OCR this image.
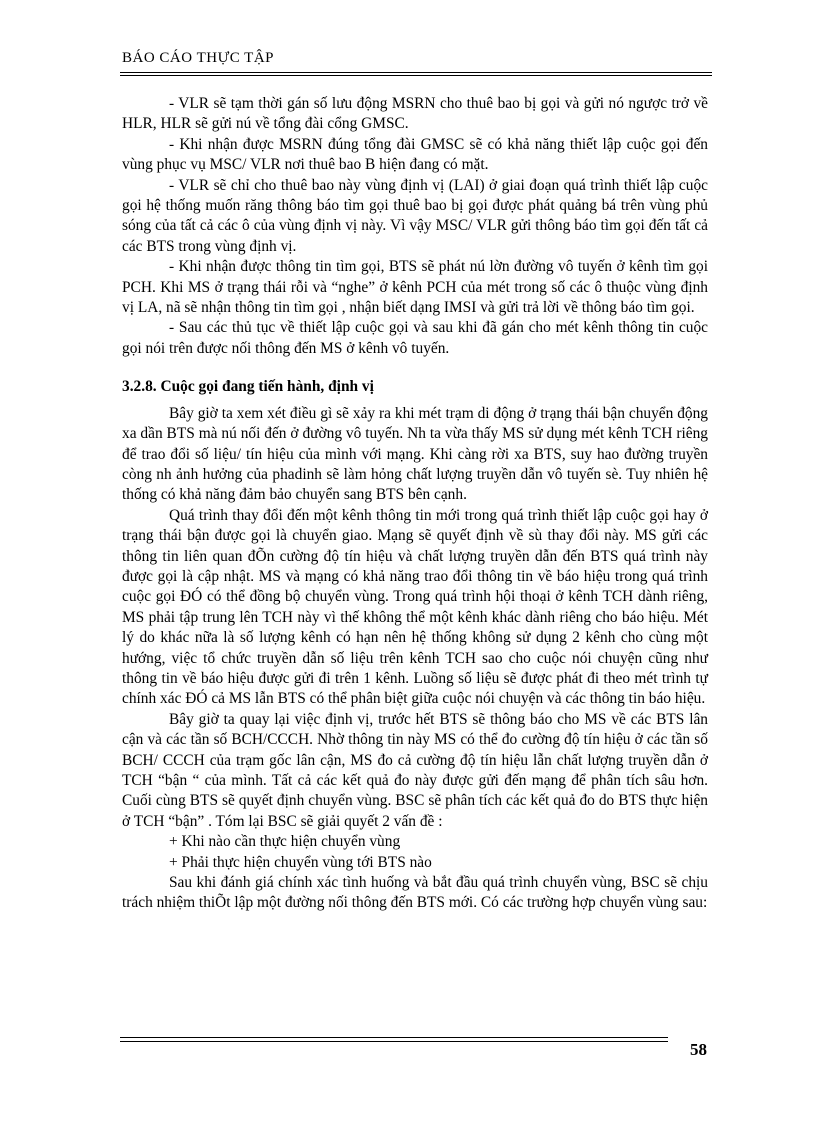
BÁO CÁO THỰC TẬP

- VLR sẽ tạm thời gán số lưu động MSRN cho thuê bao bị gọi và gửi nó ngược trở về HLR, HLR sẽ gửi nú về tổng đài cổng GMSC.

- Khi nhận được MSRN đúng tổng đài GMSC sẽ có khả năng thiết lập cuộc gọi đến vùng phục vụ MSC/ VLR nơi thuê bao B hiện đang có mặt.

- VLR sẽ chỉ cho thuê bao này vùng định vị (LAI) ở giai đoạn quá trình thiết lập cuộc gọi hệ thống muốn răng thông báo tìm gọi thuê bao bị gọi được phát quảng bá trên vùng phủ sóng của tất cả các ô của vùng định vị này. Vì vậy MSC/ VLR gửi thông báo tìm gọi đến tất cả các BTS trong vùng định vị.

- Khi nhận được thông tin tìm gọi, BTS sẽ phát nú lờn đường vô tuyến ở kênh tìm gọi PCH. Khi MS ở trạng thái rỗi và “nghe” ở kênh PCH của mét trong số các ô thuộc vùng định vị LA, nã sẽ nhận thông tin tìm gọi , nhận biết dạng IMSI và gửi trả lời về thông báo tìm gọi.

- Sau các thủ tục về thiết lập cuộc gọi và sau khi đã gán cho mét kênh thông tin cuộc gọi nói trên được nối thông đến MS ở kênh vô tuyến.

3.2.8. Cuộc gọi đang tiến hành, định vị

Bây giờ ta xem xét điều gì sẽ xảy ra khi mét trạm di động ở trạng thái bận chuyển động xa dần BTS mà nú nối đến ở đường vô tuyến. Nh ta vừa thấy MS sử dụng mét kênh TCH riêng để trao đổi số liệu/ tín hiệu của mình với mạng. Khi càng rời xa BTS, suy hao đường truyền còng nh ảnh hưởng của phadinh sẽ làm hỏng chất lượng truyền dẫn vô tuyến sè. Tuy nhiên hệ thống có khả năng đảm bảo chuyển sang BTS bên cạnh.

Quá trình thay đổi đến một kênh thông tin mới trong quá trình thiết lập cuộc gọi hay ở trạng thái bận được gọi là chuyển giao. Mạng sẽ quyết định về sù thay đổi này. MS gửi các thông tin liên quan đÕn cường độ tín hiệu và chất lượng truyền dẫn đến BTS quá trình này được gọi là cập nhật. MS và mạng có khả năng trao đổi thông tin về báo hiệu trong quá trình cuộc gọi ĐÓ có thể đồng bộ chuyển vùng. Trong quá trình hội thoại ở kênh TCH dành riêng, MS phải tập trung lên TCH này vì thế không thể một kênh khác dành riêng cho báo hiệu. Mét lý do khác nữa là số lượng kênh có hạn nên hệ thống không sử dụng 2 kênh cho cùng một hướng, việc tổ chức truyền dẫn số liệu trên kênh TCH sao cho cuộc nói chuyện cũng như thông tin về báo hiệu được gửi đi trên 1 kênh. Luồng số liệu sẽ được phát đi theo mét trình tự chính xác ĐÓ cả MS lẫn BTS có thể phân biệt giữa cuộc nói chuyện và các thông tin báo hiệu.

Bây giờ ta quay lại việc định vị, trước hết BTS sẽ thông báo cho MS về các BTS lân cận và các tần số BCH/CCCH. Nhờ thông tin này MS có thể đo cường độ tín hiệu ở các tần số BCH/ CCCH của trạm gốc lân cận, MS đo cả cường độ tín hiệu lẫn chất lượng truyền dẫn ở TCH “bận “ của mình. Tất cả các kết quả đo này được gửi đến mạng để phân tích sâu hơn. Cuối cùng BTS sẽ quyết định chuyển vùng. BSC sẽ phân tích các kết quả đo do BTS thực hiện ở TCH “bận” . Tóm lại BSC sẽ giải quyết 2 vấn đề :

+ Khi nào cần thực hiện chuyển vùng

+ Phải thực hiện chuyển vùng tới BTS nào

Sau khi đánh giá chính xác tình huống và bắt đầu quá trình chuyển vùng, BSC sẽ chịu trách nhiệm thiÕt lập một đường nối thông đến BTS mới. Có các trường hợp chuyển vùng sau:

58
